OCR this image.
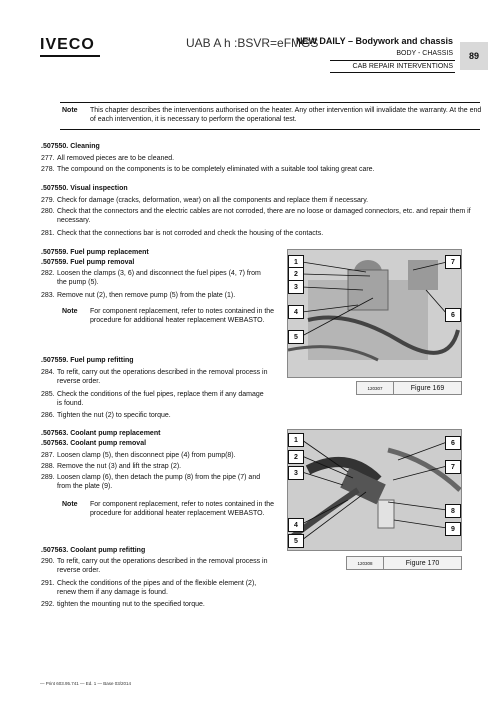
IVECO	UAB A h :BSVR=eFMGS
NEW DAILY – Bodywork and chassis
BODY - CHASSIS
CAB REPAIR INTERVENTIONS
89
Note This chapter describes the interventions authorised on the heater. Any other intervention will invalidate the warranty. At the end of each intervention, it is necessary to perform the operational test.
.507550. Cleaning
277. All removed pieces are to be cleaned.
278. The compound on the components is to be completely eliminated with a suitable tool taking great care.
.507550. Visual inspection
279. Check for damage (cracks, deformation, wear) on all the components and replace them if necessary.
280. Check that the connectors and the electric cables are not corroded, there are no loose or damaged connectors, etc. and repair them if necessary.
281. Check that the connections bar is not corroded and check the housing of the contacts.
.507559. Fuel pump replacement
.507559. Fuel pump removal
282. Loosen the clamps (3, 6) and disconnect the fuel pipes (4, 7) from the pump (5).
283. Remove nut (2), then remove pump (5) from the plate (1).
Note For component replacement, refer to notes contained in the procedure for additional heater replacement WEBASTO.
.507559. Fuel pump refitting
284. To refit, carry out the operations described in the removal process in reverse order.
285. Check the conditions of the fuel pipes, replace them if any damage is found.
286. Tighten the nut (2) to specific torque.
1
2
3
4
5
6
7
120307	Figure 169
.507563. Coolant pump replacement
.507563. Coolant pump removal
287. Loosen clamp (5), then disconnect pipe (4) from pump(8).
288. Remove the nut (3) and lift the strap (2).
289. Loosen clamp (6), then detach the pump (8) from the pipe (7) and from the plate (9).
Note For component replacement, refer to notes contained in the procedure for additional heater replacement WEBASTO.
.507563. Coolant pump refitting
290. To refit, carry out the operations described in the removal process in reverse order.
291. Check the conditions of the pipes and of the flexible element (2), renew them if any damage is found.
292. tighten the mounting nut to the specified torque.
1
2
3
4
5
6
7
8
9
120308	Figure 170
— Print 603.95.741 — Ed. 1 — Base 03/2014
